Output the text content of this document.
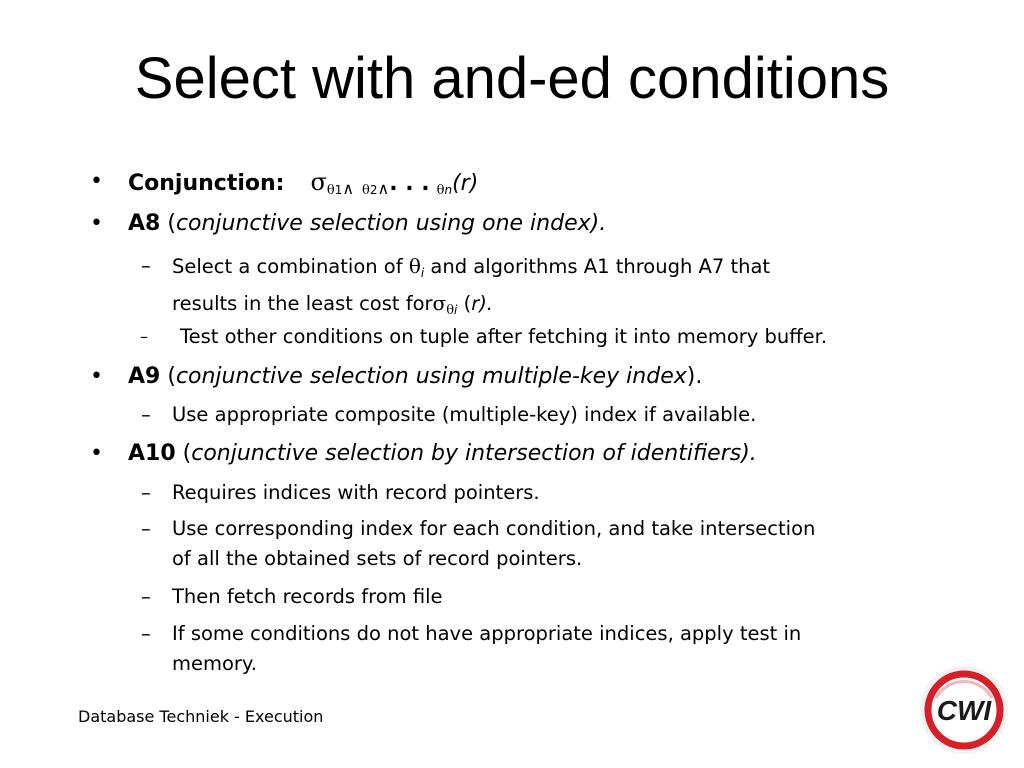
Select with and-ed conditions
• Conjunction: $\sigma_{\theta 1\wedge \theta 2\wedge}$. . . $_{\theta n}$(r)
• A8 (conjunctive selection using one index).
– Select a combination of $\theta_i$ and algorithms A1 through A7 that
results in the least cost forσ$_{\theta i}$ (r).
– Test other conditions on tuple after fetching it into memory buffer.
• A9 (conjunctive selection using multiple-key index).
– Use appropriate composite (multiple-key) index if available.
• A10 (conjunctive selection by intersection of identifiers).
– Requires indices with record pointers.
– Use corresponding index for each condition, and take intersection
of all the obtained sets of record pointers.
– Then fetch records from file
– If some conditions do not have appropriate indices, apply test in
memory.
Database Techniek - Execution	CWI
